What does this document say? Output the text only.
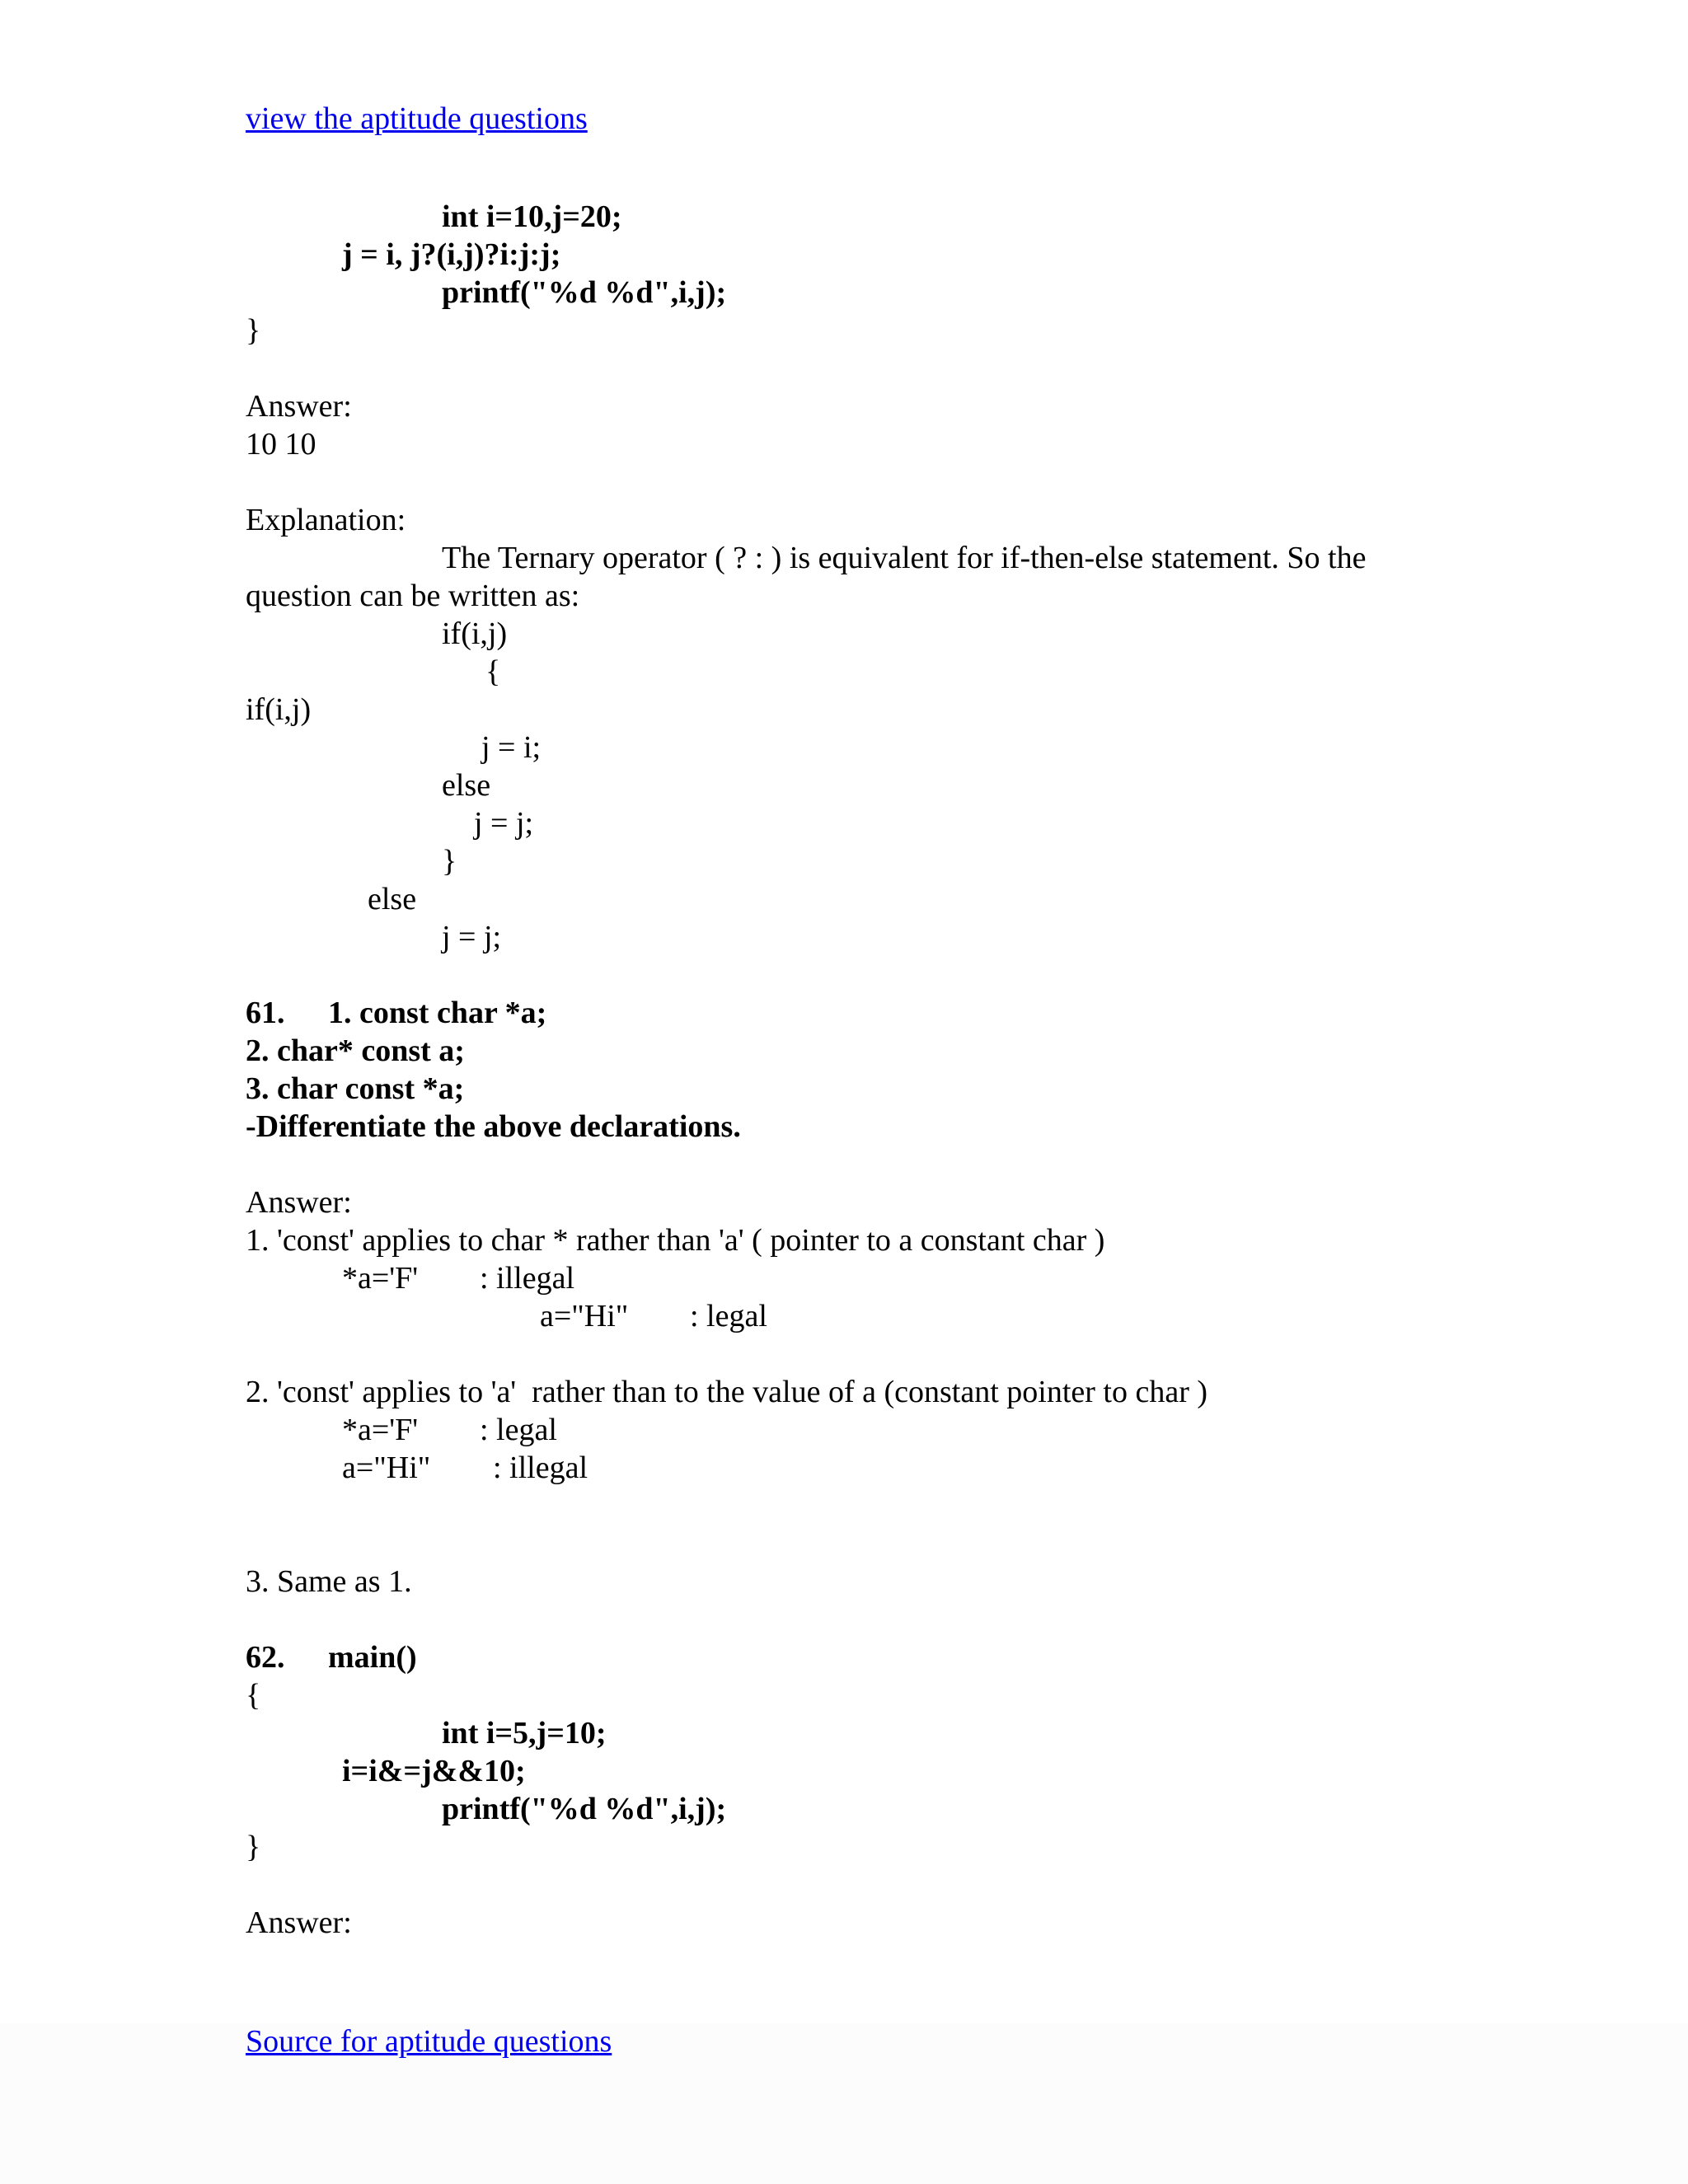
view the aptitude questions
int i=10,j=20;
j = i, j?(i,j)?i:j:j;
printf("%d %d",i,j);
}
Answer:
10 10
Explanation:
The Ternary operator ( ? : ) is equivalent for if-then-else statement. So the
question can be written as:
if(i,j)
{
if(i,j)
j = i;
else
j = j;
}
else
j = j;
61. 1. const char *a;
2. char* const a;
3. char const *a;
-Differentiate the above declarations.
Answer:
1. 'const' applies to char * rather than 'a' ( pointer to a constant char )
*a='F' : illegal
a="Hi" : legal
2. 'const' applies to 'a'  rather than to the value of a (constant pointer to char )
*a='F' : legal
a="Hi" : illegal
3. Same as 1.
62. main()
{
int i=5,j=10;
i=i&=j&&10;
printf("%d %d",i,j);
}
Answer:
Source for aptitude questions
